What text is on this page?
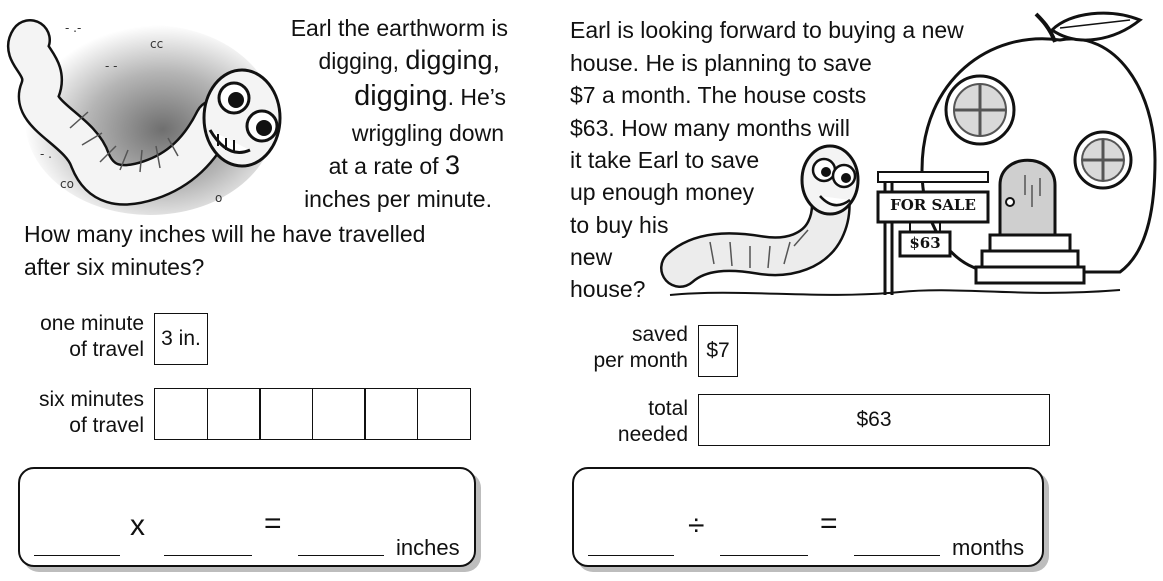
- .-
cc
- -
- .
co
o
Earl the earthworm is
digging, digging,
digging. He’s
wriggling down
at a rate of 3
inches per minute.
How many inches will he have travelled
after six minutes?
one minute
of travel 3 in.
six minutes
of travel
x	=
inches
Earl is looking forward to buying a new
house. He is planning to save
$7 a month. The house costs
$63. How many months will
it take Earl to save
up enough money
to buy his
new
house?
FOR SALE
$63
saved
per month $7
total
needed
$63
÷	=
months
